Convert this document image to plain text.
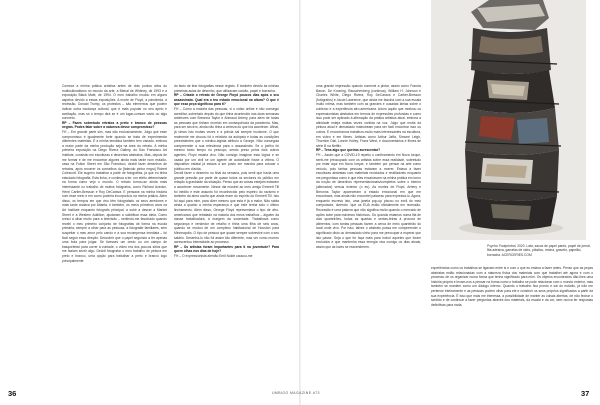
Comece a minha prática artística antes de dois pontos altos do multiculturalismo no mundo da arte, a Bienal de Whitney, de 1993 e a exposição Black Male, de 1994. O meu trabalho mudou em alguns aspetos devido a essas exposições. A morte de Floyd, a pandemia, a recessão, Donald Trump, os protestos – são elementos que podem indicar outra mudança cultural, que é mais popular no seu apelo e aceitação, mas só o tempo dirá se é um lugar-comum vazio ou algo concreto.

RP – Fazes sobretudo retratos a preto e branco de pessoas negras. Podes falar sobre a natureza desse compromisso?

FH – Em grande parte sim, mas são exclusivamente. Julgo que esse compromisso é igualmente forte quando se trata de experimentar diferentes materiais. É a minha temática também tem variado, embora a maior parte da minha produção seja na área do retrato. A minha primeira exposição na Diego Rivera Gallery, do San Francisco Art Institute, consistiu em esculturas e desenhos abstratos. Mas, depois de me formar e de me encontrar algures ainda mais tarde num estúdio-casa na Fulton Street em São Francisco, decidi fazer desenhos de retratos, após recorrer os conselhos do [falecido pintor negro] Robert Colescott. Ele sugeriu trabalhar a partir de fotografias, já que eu tinha estudado fotografia. Esta linha, e continua a ter, um efeito determinante na forma como vejo o mundo. O retrato tornou-se ainda mais interessante no trabalho de muitos fotógrafos, como Richard Avedon, Henri Cartier-Bresson e Roy DeCarava. E pensava na minha história com esse meio e em como poderia incorporá-lo na minha prática. Além disso, os tempos em que vivo têm fotografado os seus arredores e mais tarde andava por Atlanta, e também, os meus primeiros anos na Art Institute enquanto fotógrafo principal, a subir a descer a Market Street e a Western Addition, ajudaram a solidificar essa ideia. Como cresci a olhar muito para a televisão – sentindo-me fascinado quando recebi o meu primeiro conjunto de fotografias de forma na escola primária, sempre a olhar para as pessoas, a fotografar familiares, sem suspeitar o meu amor pelo cando e a sua recompensa imediata – foi fácil seguir essa direção. Descobrir que o papel seguindo a fer apenas uma bola para julgar. Se tivesses um cesto ou um campo de basquetebol para correr à vontade, o vídeo era dos poucos sítios que me faziam sentir algo. Decidi fotografar o meu trabalho de pintura em preto e branco, uma opção para trabalhar a preto e branco logo principalmente

do facto de tirar fotografias nesse registo. E também devido às minhas primeiras aulas de desenho, que utilizavam carvão, papel e borracha.

RP – Criaste o retrato de George Floyd poucos dias após o seu assassinato. Qual era o teu estado emocional na altura? O que é que essa peça significou para ti?

FH – Como a maioria das pessoas, vi o vídeo online e não consegui acreditar, sobretudo depois do que tinha acontecido nas duas semanas anteriores com Breonna Taylor e Ahmaud Arbery, para além de todas as pessoas que tinham morrido em consequência da pandemia. Mas, para ser sincero, ainda não tinha a certeza do que iria acontecer. Afinal, já vimos isto muitas vezes e a polícia sai sempre incólume. O que realmente me chocou foi o relatório da autópsia e todas as condições preexistentes que o médico-legista atribuiu a George. Não conseguia compreender a sua relevância para o assassinato. Se o joelho foi mesmo tanto tempo no pescoço, sendo preso pelos dois outros agentes, Floyd estaria vivo. Não consigo imaginar esta lógica e se usada por um civil se um agente de autoridade fosse a vítima. O dispositivo estatal já estava a ser posto em marcha para colocar o público em dúvida.

Decidi fazer o desenho no final da semana, pois senti que havia uma grande pressão por parte de quase todos os sectores do público em relação à gravidade da situação. Penso que as coisas estejam estavam a acontecer novamente. Nesse dia mostrei ao meu amigo Emmett Till foi inédito e este assunto foi reconhecido pelo espetro do racismo e também da alma oculta que ainda eram do espírito do Emmett Till. Isto foi aqui para mim, para dizer mesmo que esta é já a maior. Não sabia ainda a quanto a minha esperança e que este tenha sido o último linchamento. Além disso, George Floyd representava o tipo de afro-americanos que retratado na maioria dos meus trabalhos – alguém da classe trabalhadora, à margem da sociedade. Trabalhava como segurança e vendedor de retalho e tinha uma filha de seis anos, quando se mudou de um complexo habitacional de Houston para Minneapolis. O tipo de pessoa que quase sempre sobrevive com o seu salário. Desenhá-lo não foi assim tão diferente, mas ver como morreu acrescentou intensidade ao processo.

RP – Os artistas foram importantes para ti na juventude? Para quem olhas nos dias de hoje?

FH – O expressionista alemão Emil Nolde causou-me

uma grande impressão quando comecei a pintar, assim como Francis Bacon, De Kooning, Rauschenberg (continua), William H. Johnson e Charles White, Diego Rivera, Roy DeCarava e Cartier-Bresson (fotógrafos) e Jacob Lawrence, que ainda me fascina com a sua escala muito íntima, mas também com as grandes e ousadas ideias sobre o cubismo e a experiência afro-americana. Adoro aquilo que motivou os expressionistas abstratos em termos de expressões profundas e como isso pode ser aplicado à afirmação da prática artística atual, embora a afinidade esteja muitas vezes contida na voz. Julgo que muita da pintura atual é demasiado mainstream para ser fácil encontrar isso ou outros. E encontramos trabalhos muito mais interessantes na escultura, em vídeo e em filmes. Artistas como Arthur Jaffa, Simone Leigh, Thornton Dial, Lonnie Holley, Franz West, e documentários e filmes de série B na Netflix.

RP – Tens algo que queiras acrescentar?

FH – Assim que a COVID-19 repetiu o confinamento em Nova Iorque, senti-me preocupado com os artistas sobre essa realidade, sobretudo por estar aqui em Nova Iorque, e também por pensar na arte como veículo, pois tantas pessoas estavam a morrer. Estava a fazer esculturas abstratas com materiais reciclados e reutilizáveis enquanto me perguntava como é que eles encaixavam na minha prática em torno da noção de desenhos representacionais/completos sobre o interior (alienados) versus exterior (o eu). As mortes de Floyd, Arbery e Breonna Taylor apareceram a estado emocional em que me encontrava, mas ainda não encontrei palavras para expressá-lo. Agora, enquanto escrevo isto, uma janela pop-up piscou no ecrã do meu computador, dizendo: 'que os EUA estão oficialmente em recessão. Recessão é uma palavra que não significa muito quando o mercado de ações sobe para máximos históricos. Ou quando estamos numa fila de dois quarteirões, todas as quartas e sextas-feiras à procura de alimentos, com tantas pessoas fazem a cerca de meio quarteirão do local onde vivo. Por isso, talvez o abstrato possa me compreender o significado disto ou demasiado vinho para me preocupar a esperar que isto passe. Seja o que for faça mais para incluir aqueles que foram excluídos e que mantenha essa energia viva comigo os dias atuais, assim que as luzes se reacenderem.	Psycho Footprintnd, 2020. Lata, sacos de papel pardo, papel de jornal, fita adesiva, garrafas de vidro, plástico, resina, graveto, papelão, borracha. ACERCERIES.COM

experiências como os trabalhos se ligavam entre si e com o que eu estava a fazer antes. Penso que as peças abstratas estão relacionadas com a natureza física dos materiais com que trabalhei até agora e com o processo de os organizar numa forma que tenha significado para mim. Os objetos encontrados dão-lhes uma história própria e levam-nos a pensar na forma como o trabalho se pode relacionar com o mundo exterior, mas também se mantém como um diálogo interno. Quando o trabalho fica pronto e sai do estúdio, já não me pertence inteiramente e as pessoas podem olhar para ele e construir os seus próprios significados a partir da sua experiência. É isso que mais me interessa, a possibilidade de manter as coisas abertas, de não fechar o sentido e de continuar a fazer perguntas através dos materiais, da escala e da cor, sem nunca ter respostas definitivas para nada.

36	UMBIGO MAGAZINE #73	37
